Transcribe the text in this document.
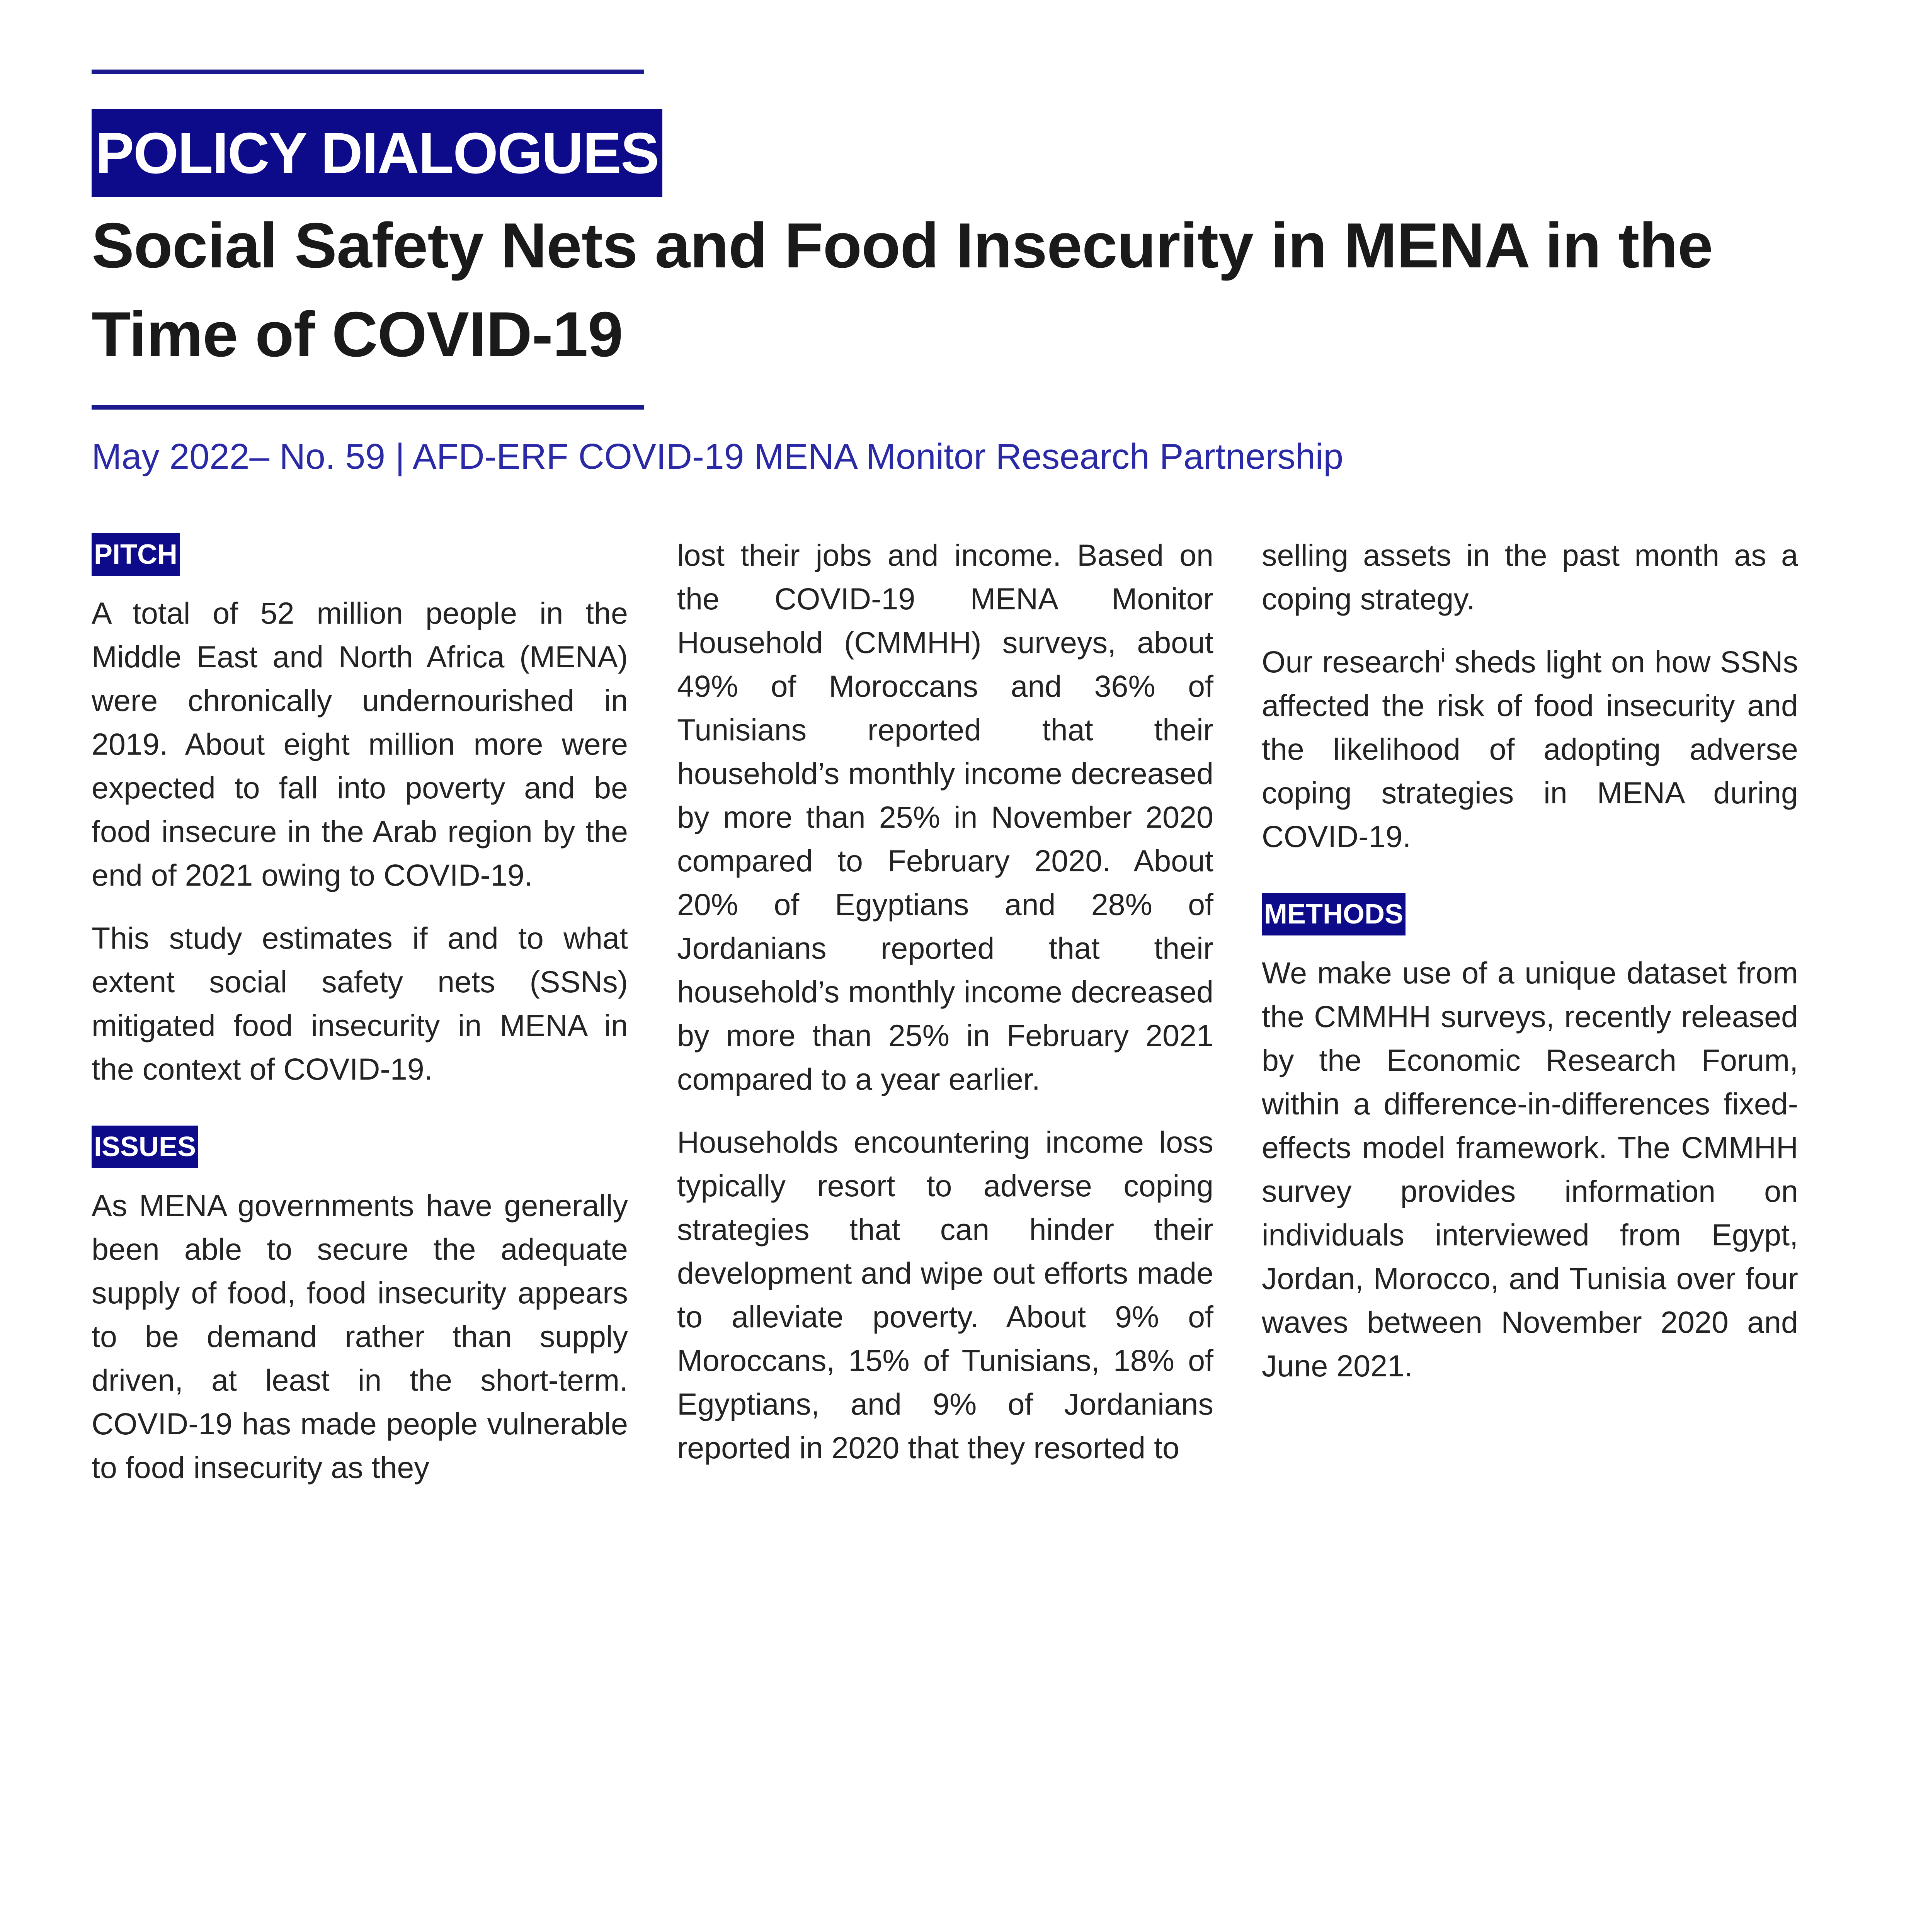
POLICY DIALOGUES
Social Safety Nets and Food Insecurity in MENA in the Time of COVID-19
May 2022– No. 59 | AFD-ERF COVID-19 MENA Monitor Research Partnership
PITCH

A total of 52 million people in the Middle East and North Africa (MENA) were chronically undernourished in 2019. About eight million more were expected to fall into poverty and be food insecure in the Arab region by the end of 2021 owing to COVID-19.

This study estimates if and to what extent social safety nets (SSNs) mitigated food insecurity in MENA in the context of COVID-19.

ISSUES

As MENA governments have generally been able to secure the adequate supply of food, food insecurity appears to be demand rather than supply driven, at least in the short-term. COVID-19 has made people vulnerable to food insecurity as they

lost their jobs and income. Based on the COVID-19 MENA Monitor Household (CMMHH) surveys, about 49% of Moroccans and 36% of Tunisians reported that their household’s monthly income decreased by more than 25% in November 2020 compared to February 2020. About 20% of Egyptians and 28% of Jordanians reported that their household’s monthly income decreased by more than 25% in February 2021 compared to a year earlier.

Households encountering income loss typically resort to adverse coping strategies that can hinder their development and wipe out efforts made to alleviate poverty. About 9% of Moroccans, 15% of Tunisians, 18% of Egyptians, and 9% of Jordanians reported in 2020 that they resorted to

selling assets in the past month as a coping strategy.

Our research$^i$ sheds light on how SSNs affected the risk of food insecurity and the likelihood of adopting adverse coping strategies in MENA during COVID-19.

METHODS

We make use of a unique dataset from the CMMHH surveys, recently released by the Economic Research Forum, within a difference-in-differences fixed-effects model framework. The CMMHH survey provides information on individuals interviewed from Egypt, Jordan, Morocco, and Tunisia over four waves between November 2020 and June 2021.
